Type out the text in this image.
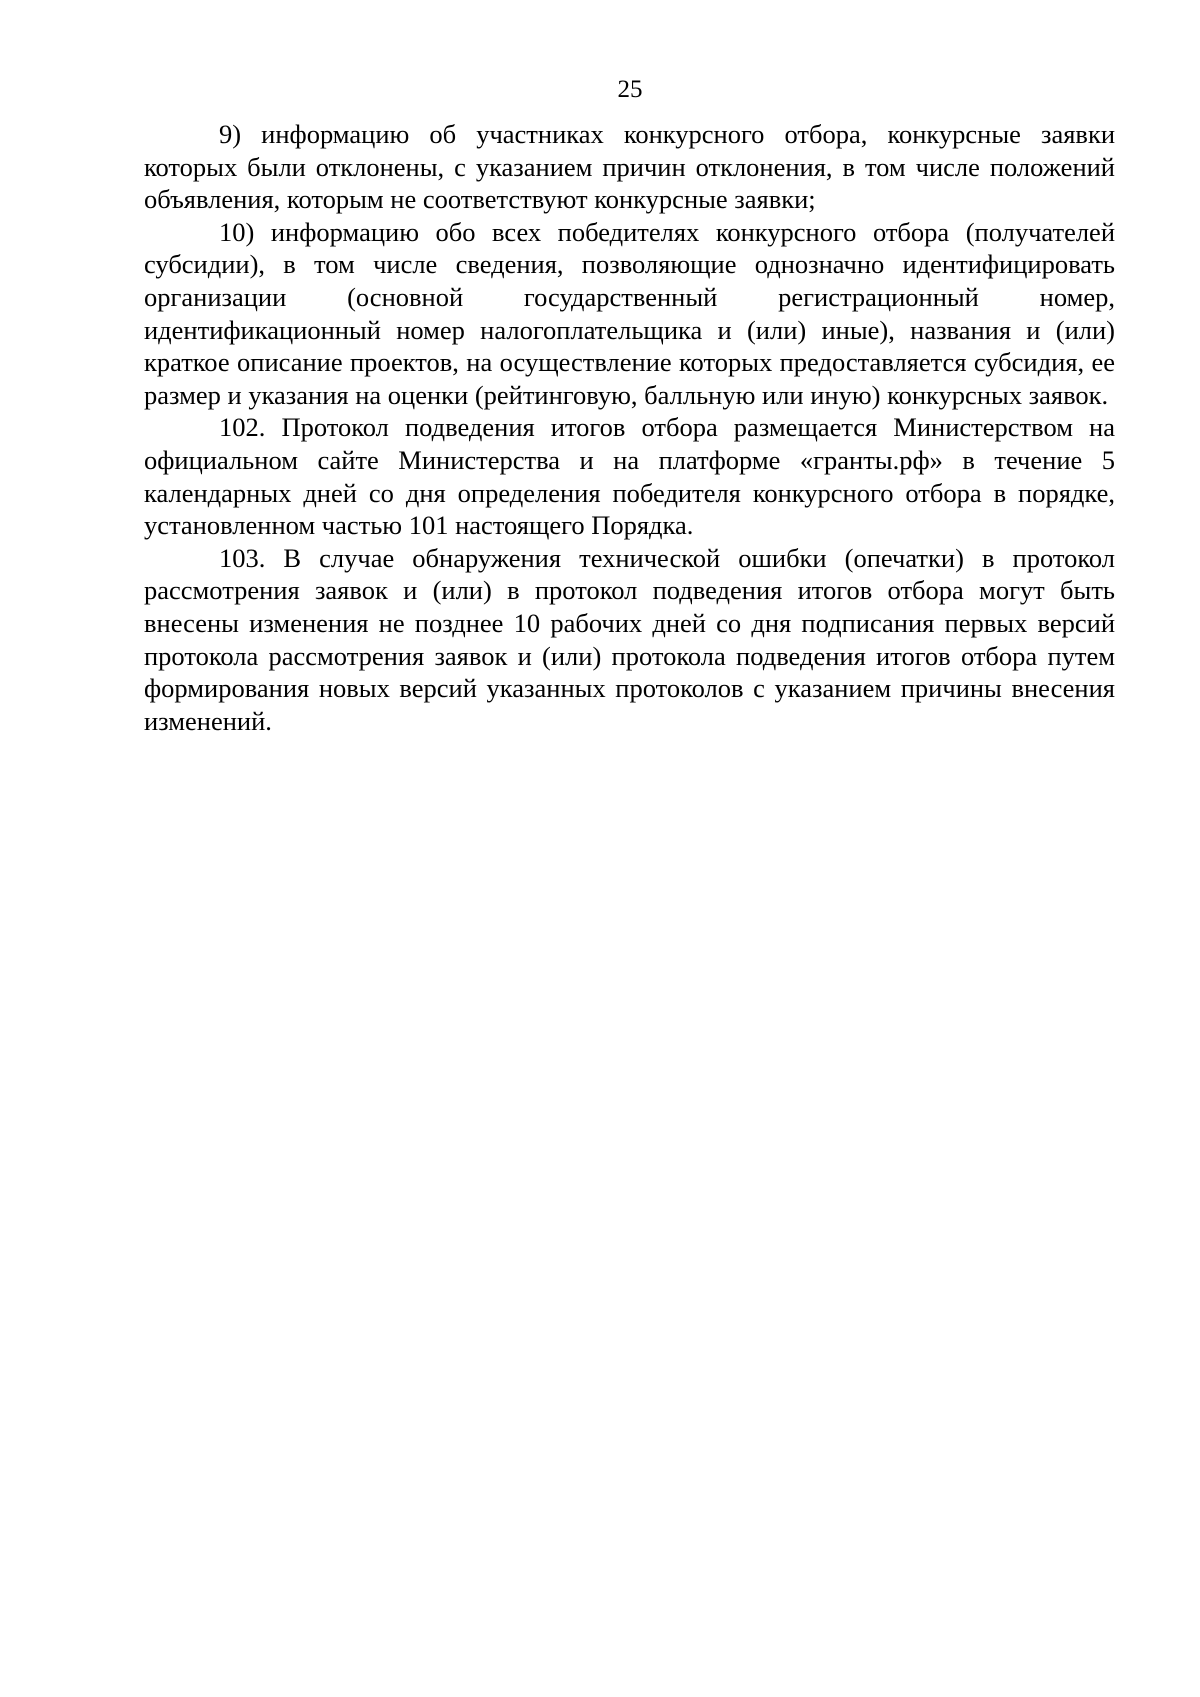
25

9) информацию об участниках конкурсного отбора, конкурсные заявки которых были отклонены, с указанием причин отклонения, в том числе положений объявления, которым не соответствуют конкурсные заявки;

10) информацию обо всех победителях конкурсного отбора (получателей субсидии), в том числе сведения, позволяющие однозначно идентифицировать организации (основной государственный регистрационный номер, идентификационный номер налогоплательщика и (или) иные), названия и (или) краткое описание проектов, на осуществление которых предоставляется субсидия, ее размер и указания на оценки (рейтинговую, балльную или иную) конкурсных заявок.

102. Протокол подведения итогов отбора размещается Министерством на официальном сайте Министерства и на платформе «гранты.рф» в течение 5 календарных дней со дня определения победителя конкурсного отбора в порядке, установленном частью 101 настоящего Порядка.

103. В случае обнаружения технической ошибки (опечатки) в протокол рассмотрения заявок и (или) в протокол подведения итогов отбора могут быть внесены изменения не позднее 10 рабочих дней со дня подписания первых версий протокола рассмотрения заявок и (или) протокола подведения итогов отбора путем формирования новых версий указанных протоколов с указанием причины внесения изменений.
